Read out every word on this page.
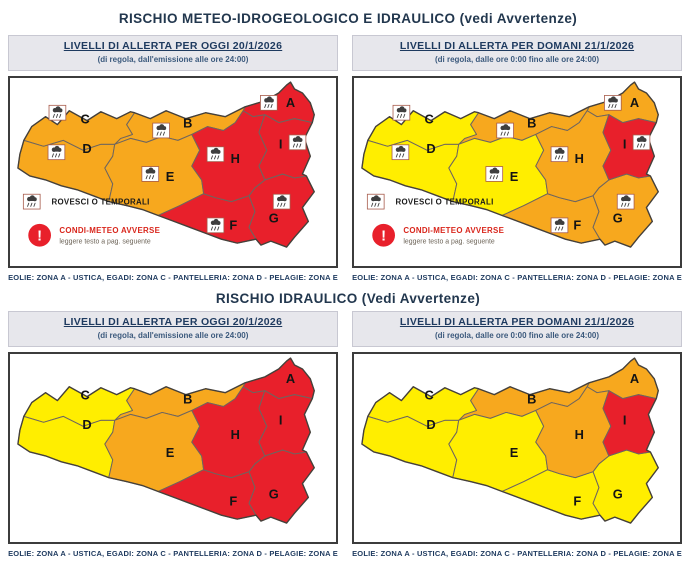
RISCHIO METEO-IDROGEOLOGICO E IDRAULICO (vedi Avvertenze)
LIVELLI DI ALLERTA PER OGGI 20/1/2026
(di regola, dall'emissione alle ore 24:00)
A
B
C
D
E
F G
H
I
ROVESCI O TEMPORALI
! CONDI-METEO AVVERSE
leggere testo a pag. seguente
EOLIE: ZONA A - USTICA, EGADI: ZONA C - PANTELLERIA: ZONA D - PELAGIE: ZONA E
LIVELLI DI ALLERTA PER DOMANI 21/1/2026
(di regola, dalle ore 0:00 fino alle ore 24:00)
A
B
C
D
E
F G
H
I
ROVESCI O TEMPORALI
! CONDI-METEO AVVERSE
leggere testo a pag. seguente
EOLIE: ZONA A - USTICA, EGADI: ZONA C - PANTELLERIA: ZONA D - PELAGIE: ZONA E
RISCHIO IDRAULICO (Vedi Avvertenze)
LIVELLI DI ALLERTA PER OGGI 20/1/2026
(di regola, dall'emissione alle ore 24:00)
A
B
C
D
E
F G
H
I
EOLIE: ZONA A - USTICA, EGADI: ZONA C - PANTELLERIA: ZONA D - PELAGIE: ZONA E
LIVELLI DI ALLERTA PER DOMANI 21/1/2026
(di regola, dalle ore 0:00 fino alle ore 24:00)
A
B
C
D
E
F G
H
I
EOLIE: ZONA A - USTICA, EGADI: ZONA C - PANTELLERIA: ZONA D - PELAGIE: ZONA E
